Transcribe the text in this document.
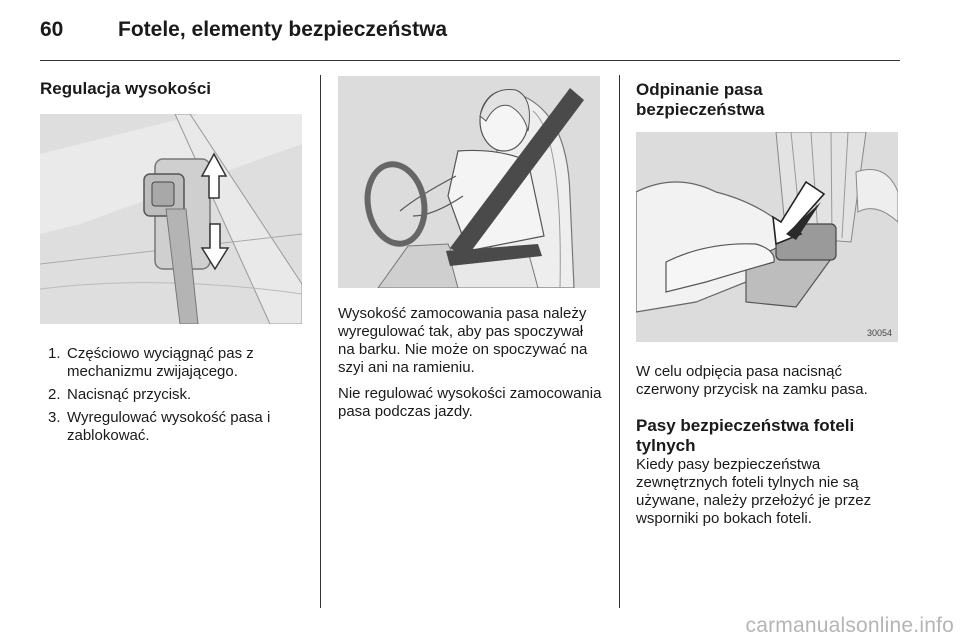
60	Fotele, elementy bezpieczeństwa
Regulacja wysokości
1. Częściowo wyciągnąć pas z mechanizmu zwijającego.
2. Nacisnąć przycisk.
3. Wyregulować wysokość pasa i zablokować.

Wysokość zamocowania pasa należy wyregulować tak, aby pas spoczywał na barku. Nie może on spoczywać na szyi ani na ramieniu.

Nie regulować wysokości zamocowania pasa podczas jazdy.

Odpinanie pasa bezpieczeństwa
30054

W celu odpięcia pasa nacisnąć czerwony przycisk na zamku pasa.

Pasy bezpieczeństwa foteli tylnych

Kiedy pasy bezpieczeństwa zewnętrznych foteli tylnych nie są używane, należy przełożyć je przez wsporniki po bokach foteli.

carmanualsonline.info
